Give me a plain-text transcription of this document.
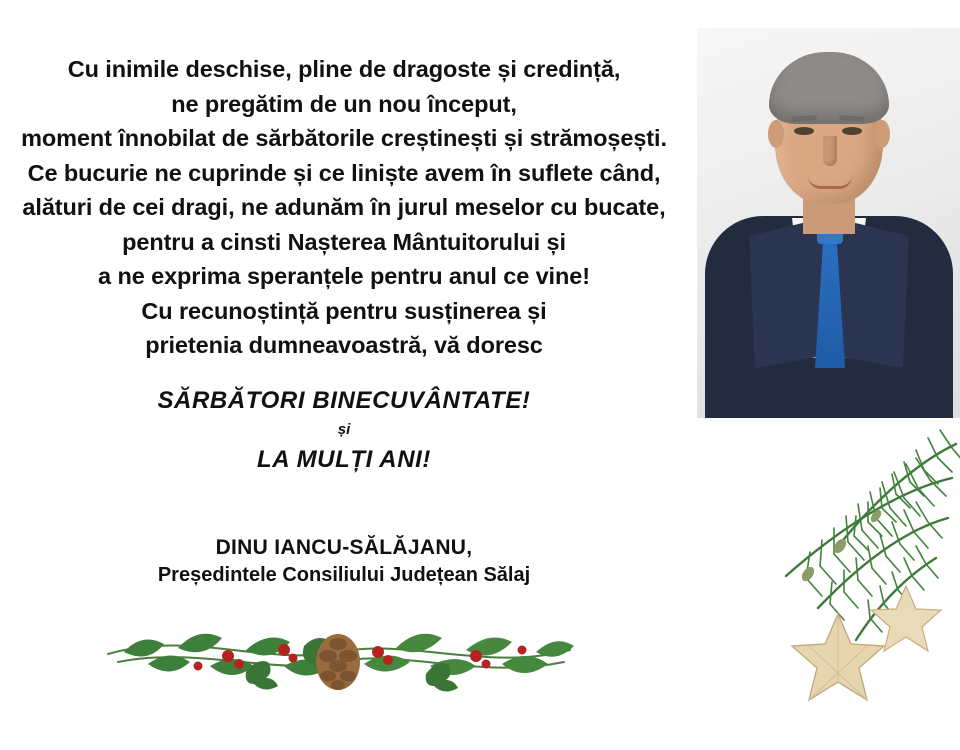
Cu inimile deschise, pline de dragoste și credință,
ne pregătim de un nou început,
moment înnobilat de sărbătorile creștinești și strămoșești.
Ce bucurie ne cuprinde și ce liniște avem în suflete când,
alături de cei dragi, ne adunăm în jurul meselor cu bucate,
pentru a cinsti Nașterea Mântuitorului și
a ne exprima speranțele pentru anul ce vine!
Cu recunoștință pentru susținerea și
prietenia dumneavoastră, vă doresc
SĂRBĂTORI BINECUVÂNTATE!
și
LA MULȚI ANI!
DINU IANCU-SĂLĂJANU,
Președintele Consiliului Județean Sălaj
